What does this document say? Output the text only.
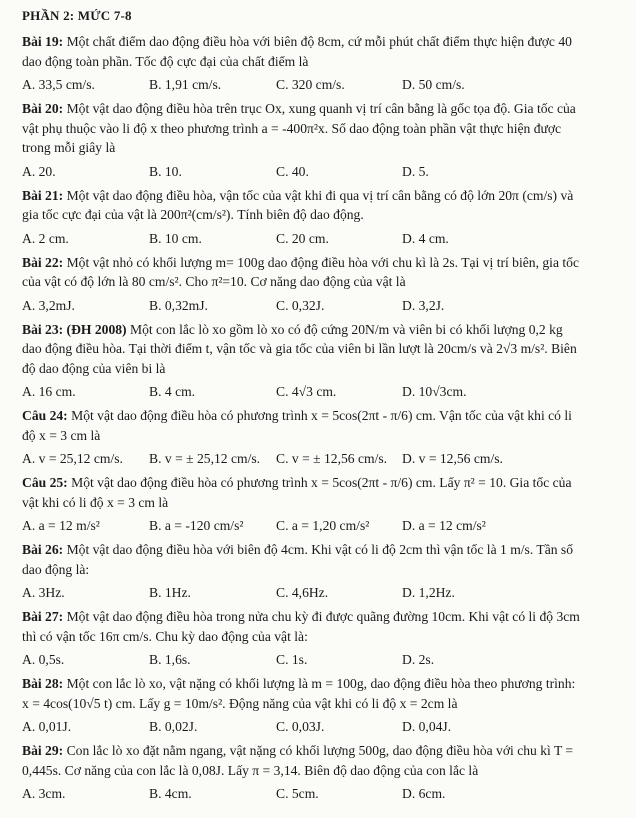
PHẦN 2: MỨC 7-8

Bài 19: Một chất điểm dao động điều hòa với biên độ 8cm, cứ mỗi phút chất điểm thực hiện được 40

dao động toàn phần. Tốc độ cực đại của chất điểm là

A. 33,5 cm/s.	B. 1,91 cm/s.	C. 320 cm/s.	D. 50 cm/s.

Bài 20: Một vật dao động điều hòa trên trục Ox, xung quanh vị trí cân bằng là gốc tọa độ. Gia tốc của

vật phụ thuộc vào li độ x theo phương trình a = -400π²x. Số dao động toàn phần vật thực hiện được

trong mỗi giây là

A. 20.	B. 10.	C. 40.	D. 5.

Bài 21: Một vật dao động điều hòa, vận tốc của vật khi đi qua vị trí cân bằng có độ lớn 20π (cm/s) và

gia tốc cực đại của vật là 200π²(cm/s²). Tính biên độ dao động.

A. 2 cm.	B. 10 cm.	C. 20 cm.	D. 4 cm.

Bài 22: Một vật nhỏ có khối lượng m= 100g dao động điều hòa với chu kì là 2s. Tại vị trí biên, gia tốc

của vật có độ lớn là 80 cm/s². Cho π²=10. Cơ năng dao động của vật là

A. 3,2mJ.	B. 0,32mJ.	C. 0,32J.	D. 3,2J.

Bài 23: (ĐH 2008) Một con lắc lò xo gồm lò xo có độ cứng 20N/m và viên bi có khối lượng 0,2 kg

dao động điều hòa. Tại thời điểm t, vận tốc và gia tốc của viên bi lần lượt là 20cm/s và 2√3 m/s². Biên

độ dao động của viên bi là

A. 16 cm.	B. 4 cm.	C. 4√3 cm.	D. 10√3cm.

Câu 24: Một vật dao động điều hòa có phương trình x = 5cos(2πt - π/6) cm. Vận tốc của vật khi có li

độ x = 3 cm là

A. v = 25,12 cm/s.	B. v = ± 25,12 cm/s.	C. v = ± 12,56 cm/s.	D. v = 12,56 cm/s.

Câu 25: Một vật dao động điều hòa có phương trình x = 5cos(2πt - π/6) cm. Lấy π² = 10. Gia tốc của

vật khi có li độ x = 3 cm là

A. a = 12 m/s²	B. a = -120 cm/s²	C. a = 1,20 cm/s²	D. a = 12 cm/s²

Bài 26: Một vật dao động điều hòa với biên độ 4cm. Khi vật có li độ 2cm thì vận tốc là 1 m/s. Tần số

dao động là:

A. 3Hz.	B. 1Hz.	C. 4,6Hz.	D. 1,2Hz.

Bài 27: Một vật dao động điều hòa trong nửa chu kỳ đi được quãng đường 10cm. Khi vật có li độ 3cm

thì có vận tốc 16π cm/s. Chu kỳ dao động của vật là:

A. 0,5s.	B. 1,6s.	C. 1s.	D. 2s.

Bài 28: Một con lắc lò xo, vật nặng có khối lượng là m = 100g, dao động điều hòa theo phương trình:

x = 4cos(10√5 t) cm. Lấy g = 10m/s². Động năng của vật khi có li độ x = 2cm là

A. 0,01J.	B. 0,02J.	C. 0,03J.	D. 0,04J.

Bài 29: Con lắc lò xo đặt nằm ngang, vật nặng có khối lượng 500g, dao động điều hòa với chu kì T =

0,445s. Cơ năng của con lắc là 0,08J. Lấy π = 3,14. Biên độ dao động của con lắc là

A. 3cm.	B. 4cm.	C. 5cm.	D. 6cm.
